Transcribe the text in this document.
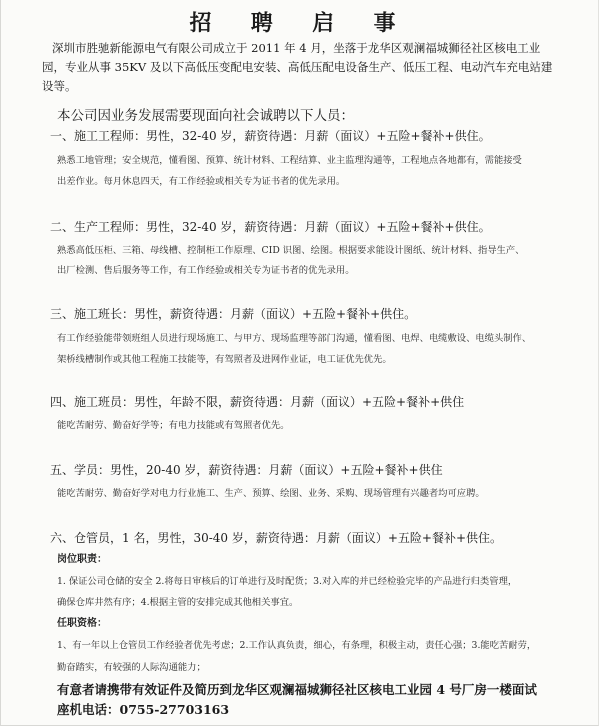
招 聘 启 事

深圳市胜驰新能源电气有限公司成立于 2011 年 4 月，坐落于龙华区观澜福城狮径社区核电工业

园，专业从事 35KV 及以下高低压变配电安装、高低压配电设备生产、低压工程、电动汽车充电站建

设等。

本公司因业务发展需要现面向社会诚聘以下人员：

一、施工工程师：男性，32-40 岁，薪资待遇：月薪（面议）+五险+餐补+供住。

熟悉工地管理；安全规范，懂看图、预算、统计材料、工程结算、业主监理沟通等，工程地点各地都有，需能接受

出差作业。每月休息四天，有工作经验或相关专为证书者的优先录用。

二、生产工程师：男性，32-40 岁，薪资待遇：月薪（面议）+五险+餐补+供住。

熟悉高低压柜、三箱、母线槽、控制柜工作原理、CID 识图、绘图。根据要求能设计图纸、统计材料、指导生产、

出厂检测、售后服务等工作，有工作经验或相关专为证书者的优先录用。

三、施工班长：男性，薪资待遇：月薪（面议）+五险+餐补+供住。

有工作经验能带领班组人员进行现场施工、与甲方、现场监理等部门沟通，懂看图、电焊、电缆敷设、电缆头制作、

架桥线槽制作或其他工程施工技能等，有驾照者及进网作业证，电工证优先优先。

四、施工班员：男性，年龄不限，薪资待遇：月薪（面议）+五险+餐补+供住

能吃苦耐劳、勤奋好学等；有电力技能或有驾照者优先。

五、学员：男性，20-40 岁，薪资待遇：月薪（面议）+五险+餐补+供住

能吃苦耐劳、勤奋好学对电力行业施工、生产、预算、绘图、业务、采购、现场管理有兴趣者均可应聘。

六、仓管员，1 名，男性，30-40 岁，薪资待遇：月薪（面议）+五险+餐补+供住。

岗位职责：

1. 保证公司仓储的安全 2.将每日审核后的订单进行及时配货；3.对入库的并已经检验完毕的产品进行归类管理，

确保仓库井然有序；4.根据主管的安排完成其他相关事宜。

任职资格：

1、有一年以上仓管员工作经验者优先考虑；2.工作认真负责，细心，有条理，积极主动，责任心强；3.能吃苦耐劳，

勤奋踏实，有较强的人际沟通能力；

有意者请携带有效证件及简历到龙华区观澜福城狮径社区核电工业园 4 号厂房一楼面试

座机电话：0755-27703163
